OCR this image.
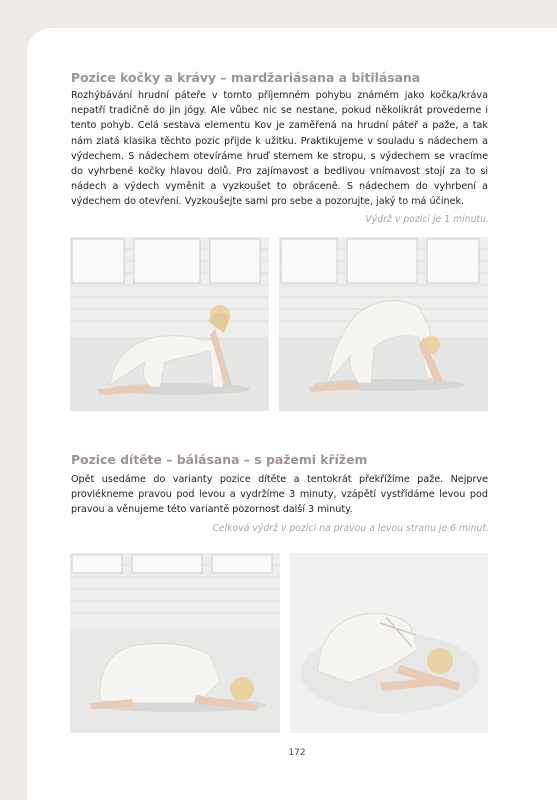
Pozice kočky a krávy – mardžariásana a bitilásana

Rozhýbávání hrudní páteře v tomto příjemném pohybu známém jako kočka/kráva nepatří tradičně do jin jógy. Ale vůbec nic se nestane, pokud několikrát provedeme i tento pohyb. Celá sestava elementu Kov je zaměřená na hrudní páteř a paže, a tak nám zlatá klasika těchto pozic přijde k užitku. Praktikujeme v souladu s nádechem a výdechem. S nádechem otevíráme hruď sternem ke stropu, s výdechem se vracíme do vyhrbené kočky hlavou dolů. Pro zajímavost a bedlivou vnímavost stojí za to si nádech a výdech vyměnit a vyzkoušet to obráceně. S nádechem do vyhrbení a výdechem do otevření. Vyzkoušejte sami pro sebe a pozorujte, jaký to má účinek.

Výdrž v pozici je 1 minutu.

Pozice dítěte – bálásana – s pažemi křížem

Opět usedáme do varianty pozice dítěte a tentokrát překřížíme paže. Nejprve provlékneme pravou pod levou a vydržíme 3 minuty, vzápětí vystřídáme levou pod pravou a věnujeme této variantě pozornost další 3 minuty.

Celková výdrž v pozici na pravou a levou stranu je 6 minut.

172
